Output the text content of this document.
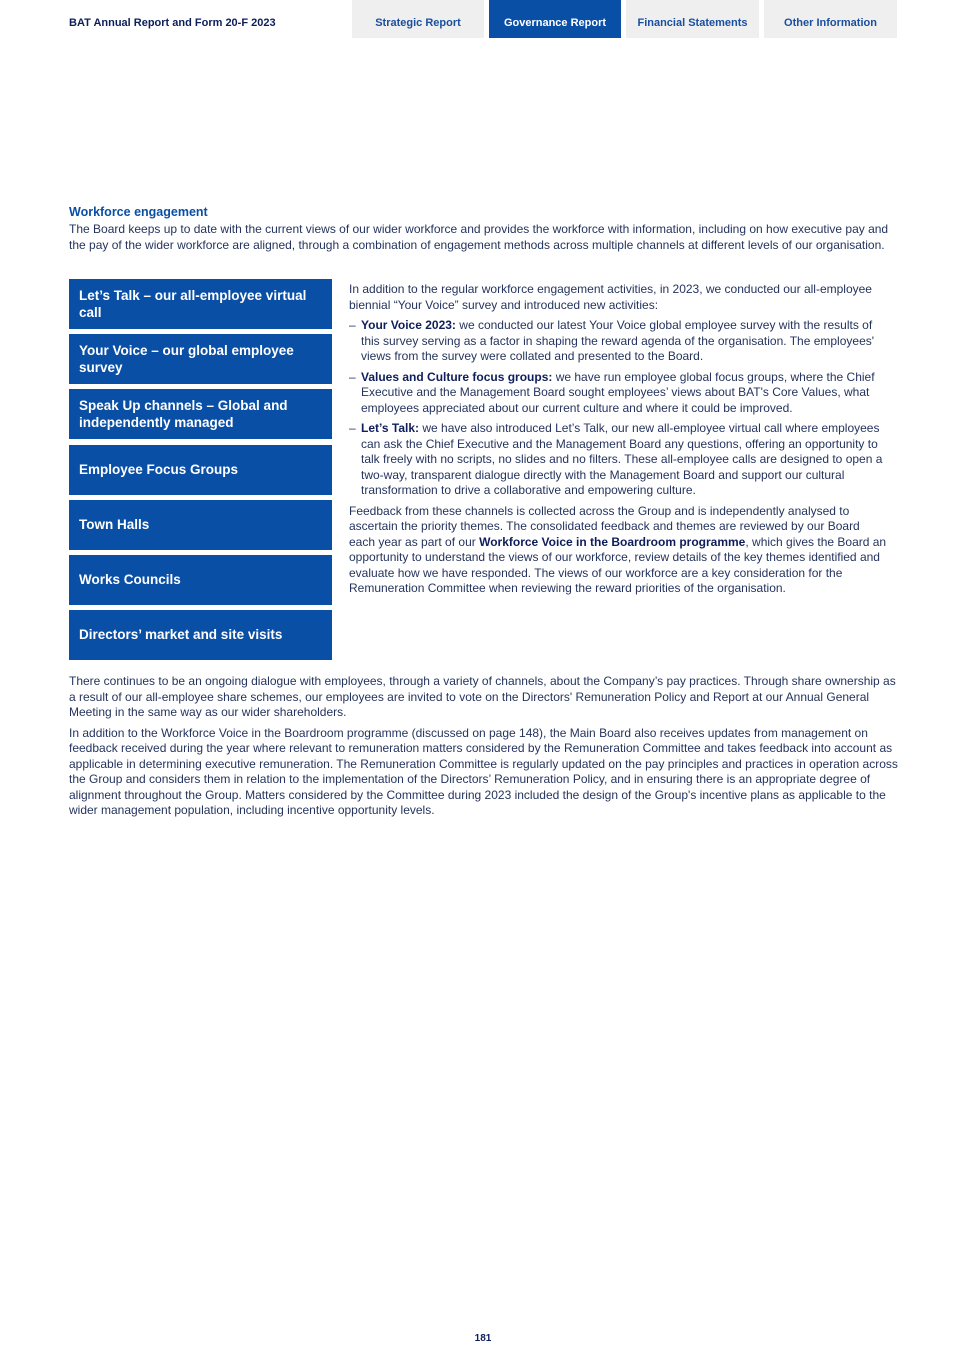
BAT Annual Report and Form 20-F 2023	Strategic Report	Governance Report	Financial Statements	Other Information
Workforce engagement

The Board keeps up to date with the current views of our wider workforce and provides the workforce with information, including on how executive pay and the pay of the wider workforce are aligned, through a combination of engagement methods across multiple channels at different levels of our organisation.

Let’s Talk – our all-employee virtual call
Your Voice – our global employee survey
Speak Up channels – Global and independently managed
Employee Focus Groups
Town Halls
Works Councils
Directors’ market and site visits

In addition to the regular workforce engagement activities, in 2023, we conducted our all-employee biennial “Your Voice” survey and introduced new activities:

– Your Voice 2023: we conducted our latest Your Voice global employee survey with the results of this survey serving as a factor in shaping the reward agenda of the organisation. The employees' views from the survey were collated and presented to the Board.
– Values and Culture focus groups: we have run employee global focus groups, where the Chief Executive and the Management Board sought employees’ views about BAT's Core Values, what employees appreciated about our current culture and where it could be improved.
– Let’s Talk: we have also introduced Let’s Talk, our new all-employee virtual call where employees can ask the Chief Executive and the Management Board any questions, offering an opportunity to talk freely with no scripts, no slides and no filters. These all-employee calls are designed to open a two-way, transparent dialogue directly with the Management Board and support our cultural transformation to drive a collaborative and empowering culture.

Feedback from these channels is collected across the Group and is independently analysed to ascertain the priority themes. The consolidated feedback and themes are reviewed by our Board each year as part of our Workforce Voice in the Boardroom programme, which gives the Board an opportunity to understand the views of our workforce, review details of the key themes identified and evaluate how we have responded. The views of our workforce are a key consideration for the Remuneration Committee when reviewing the reward priorities of the organisation.

There continues to be an ongoing dialogue with employees, through a variety of channels, about the Company’s pay practices. Through share ownership as a result of our all-employee share schemes, our employees are invited to vote on the Directors' Remuneration Policy and Report at our Annual General Meeting in the same way as our wider shareholders.

In addition to the Workforce Voice in the Boardroom programme (discussed on page 148), the Main Board also receives updates from management on feedback received during the year where relevant to remuneration matters considered by the Remuneration Committee and takes feedback into account as applicable in determining executive remuneration. The Remuneration Committee is regularly updated on the pay principles and practices in operation across the Group and considers them in relation to the implementation of the Directors’ Remuneration Policy, and in ensuring there is an appropriate degree of alignment throughout the Group. Matters considered by the Committee during 2023 included the design of the Group's incentive plans as applicable to the wider management population, including incentive opportunity levels.

181
